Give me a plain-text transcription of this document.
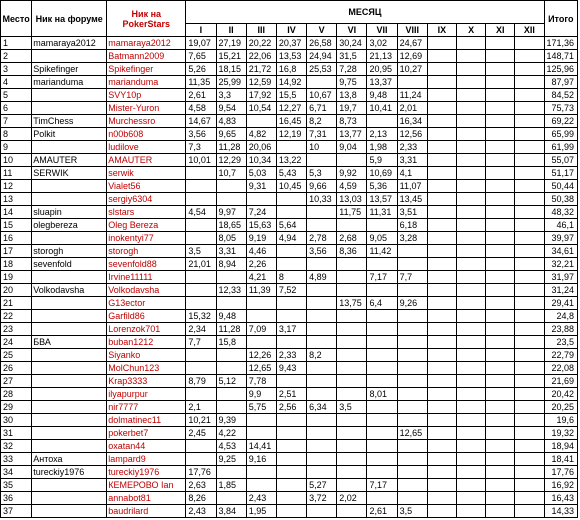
Место	Ник на форуме	Ник на PokerStars	МЕСЯЦ												Итого
			I	II	III	IV	V	VI	VII	VIII	IX	X	XI	XII	
1	mamaraya2012	mamaraya2012	19,07	27,19	20,22	20,37	26,58	30,24	3,02	24,67					171,36
2		Batmann2009	7,65	15,21	22,06	13,53	24,94	31,5	21,13	12,69					148,71
3	Spikefinger	Spikefinger	5,26	18,15	21,72	16,8	25,53	7,28	20,95	10,27					125,96
4	marianduma	marianduma	11,35	25,99	12,59	14,92		9,75	13,37						87,97
5		SVY10p	2,61	3,3	17,92	15,5	10,67	13,8	9,48	11,24					84,52
6		Mister-Yuron	4,58	9,54	10,54	12,27	6,71	19,7	10,41	2,01					75,73
7	TimChess	Murchessro	14,67	4,83		16,45	8,2	8,73		16,34					69,22
8	Polkit	n00b608	3,56	9,65	4,82	12,19	7,31	13,77	2,13	12,56					65,99
9		ludilove	7,3	11,28	20,06		10	9,04	1,98	2,33					61,99
10	AMAUTER	AMAUTER	10,01	12,29	10,34	13,22			5,9	3,31					55,07
11	SERWIK	serwik		10,7	5,03	5,43	5,3	9,92	10,69	4,1					51,17
12		Vialet56			9,31	10,45	9,66	4,59	5,36	11,07					50,44
13		sergiy6304					10,33	13,03	13,57	13,45					50,38
14	sluapin	slstars	4,54	9,97	7,24			11,75	11,31	3,51					48,32
15	olegbereza	Oleg Bereza		18,65	15,63	5,64				6,18					46,1
16		inokentyi77		8,05	9,19	4,94	2,78	2,68	9,05	3,28					39,97
17	storogh	storogh	3,5	3,31	4,46		3,56	8,36	11,42						34,61
18	sevenfold	sevenfold88	21,01	8,94	2,26										32,21
19		Irvine11111			4,21	8	4,89		7,17	7,7					31,97
20	Volkodavsha	Volkodavsha		12,33	11,39	7,52									31,24
21		G13ector						13,75	6,4	9,26					29,41
22		Garfild86	15,32	9,48											24,8
23		Lorenzok701	2,34	11,28	7,09	3,17									23,88
24	БВА	buban1212	7,7	15,8											23,5
25		Siyanko			12,26	2,33	8,2								22,79
26		MolChun123			12,65	9,43									22,08
27		Krap3333	8,79	5,12	7,78										21,69
28		ilyapurpur			9,9	2,51			8,01						20,42
29		nir7777	2,1		5,75	2,56	6,34	3,5							20,25
30		dolmatinec11	10,21	9,39											19,6
31		pokerbet7	2,45	4,22						12,65					19,32
32		oxatan44		4,53	14,41										18,94
33	Антоха	lampard9		9,25	9,16										18,41
34	tureckiy1976	tureckiy1976	17,76												17,76
35		КЕМЕРОВО Ian	2,63	1,85			5,27		7,17						16,92
36		annabot81	8,26		2,43		3,72	2,02							16,43
37		baudrilard	2,43	3,84	1,95				2,61	3,5					14,33
